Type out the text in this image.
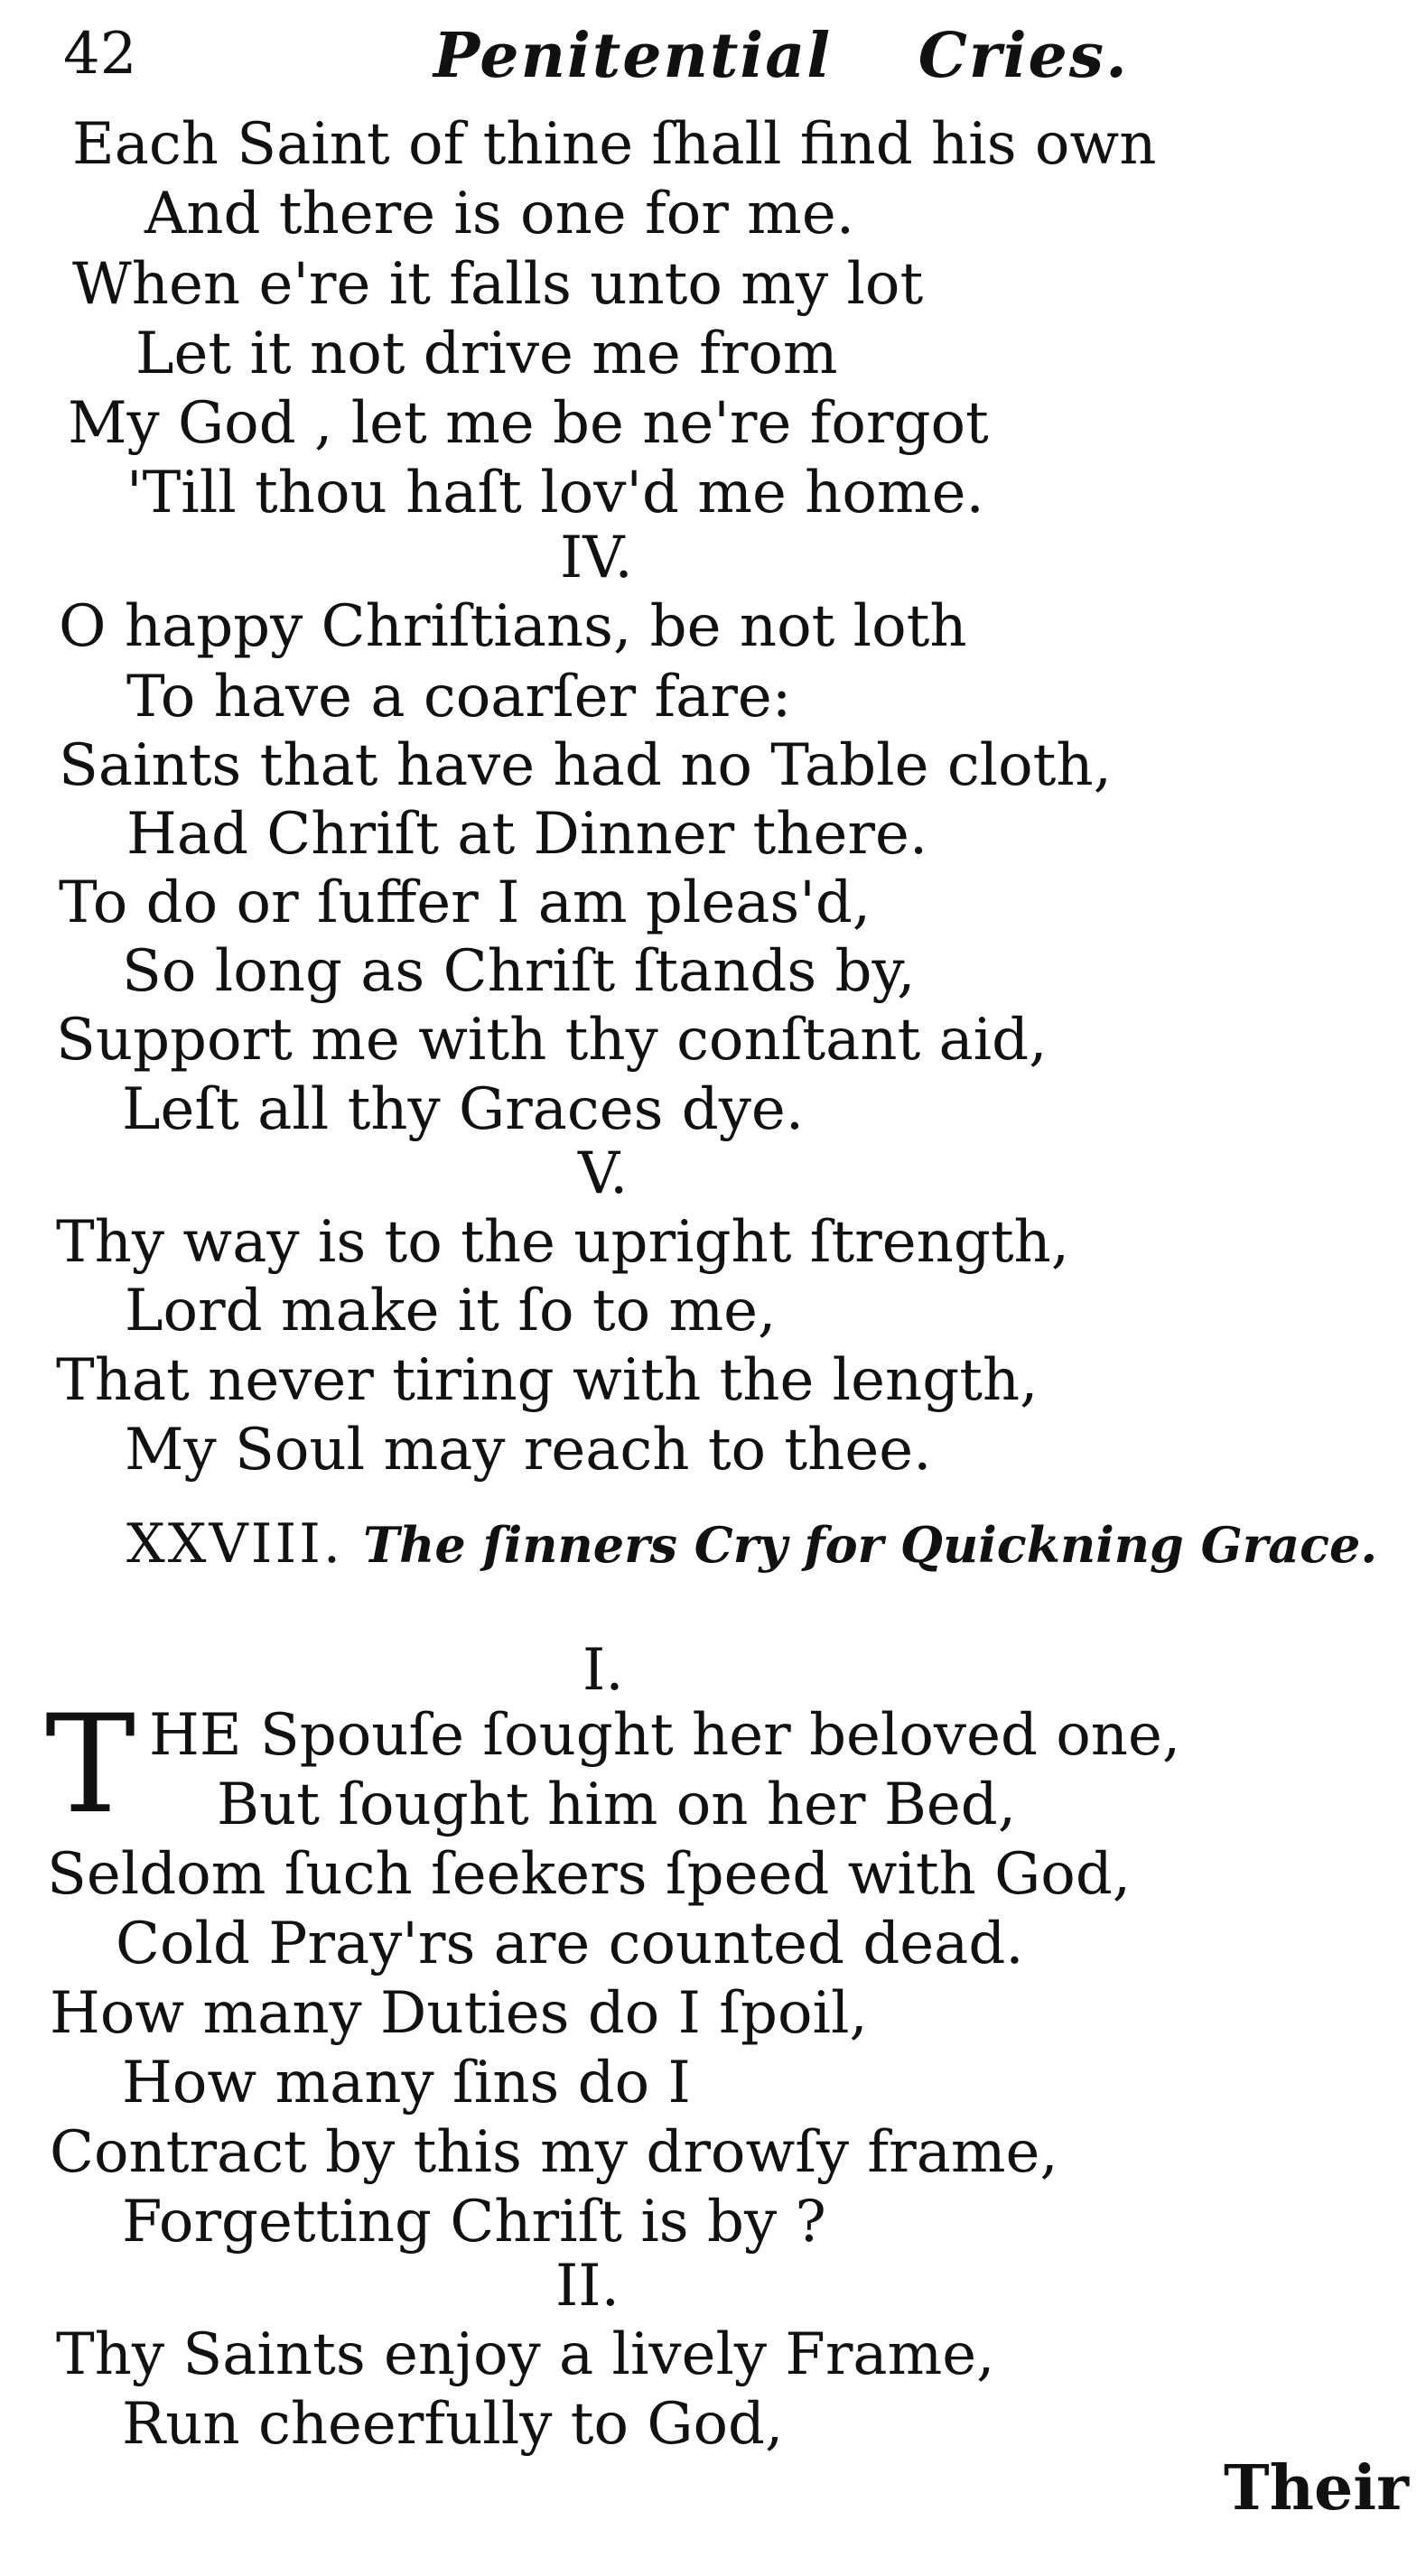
42	Penitential Cries.
Each Saint of thine ſhall find his own
And there is one for me.
When e're it falls unto my lot
Let it not drive me from
My God , let me be ne're forgot
'Till thou haſt lov'd me home.
IV.
O happy Chriſtians, be not loth
To have a coarſer fare:
Saints that have had no Table cloth,
Had Chriſt at Dinner there.
To do or ſuffer I am pleas'd,
So long as Chriſt ſtands by,
Support me with thy conſtant aid,
Leſt all thy Graces dye.
V.
Thy way is to the upright ſtrength,
Lord make it ſo to me,
That never tiring with the length,
My Soul may reach to thee.
XXVIII. The ſinners Cry for Quickning Grace.
I.
T HE Spouſe ſought her beloved one,
But ſought him on her Bed,
Seldom ſuch ſeekers ſpeed with God,
Cold Pray'rs are counted dead.
How many Duties do I ſpoil,
How many ſins do I
Contract by this my drowſy frame,
Forgetting Chriſt is by ?
II.
Thy Saints enjoy a lively Frame,
Run cheerfully to God,
Their
